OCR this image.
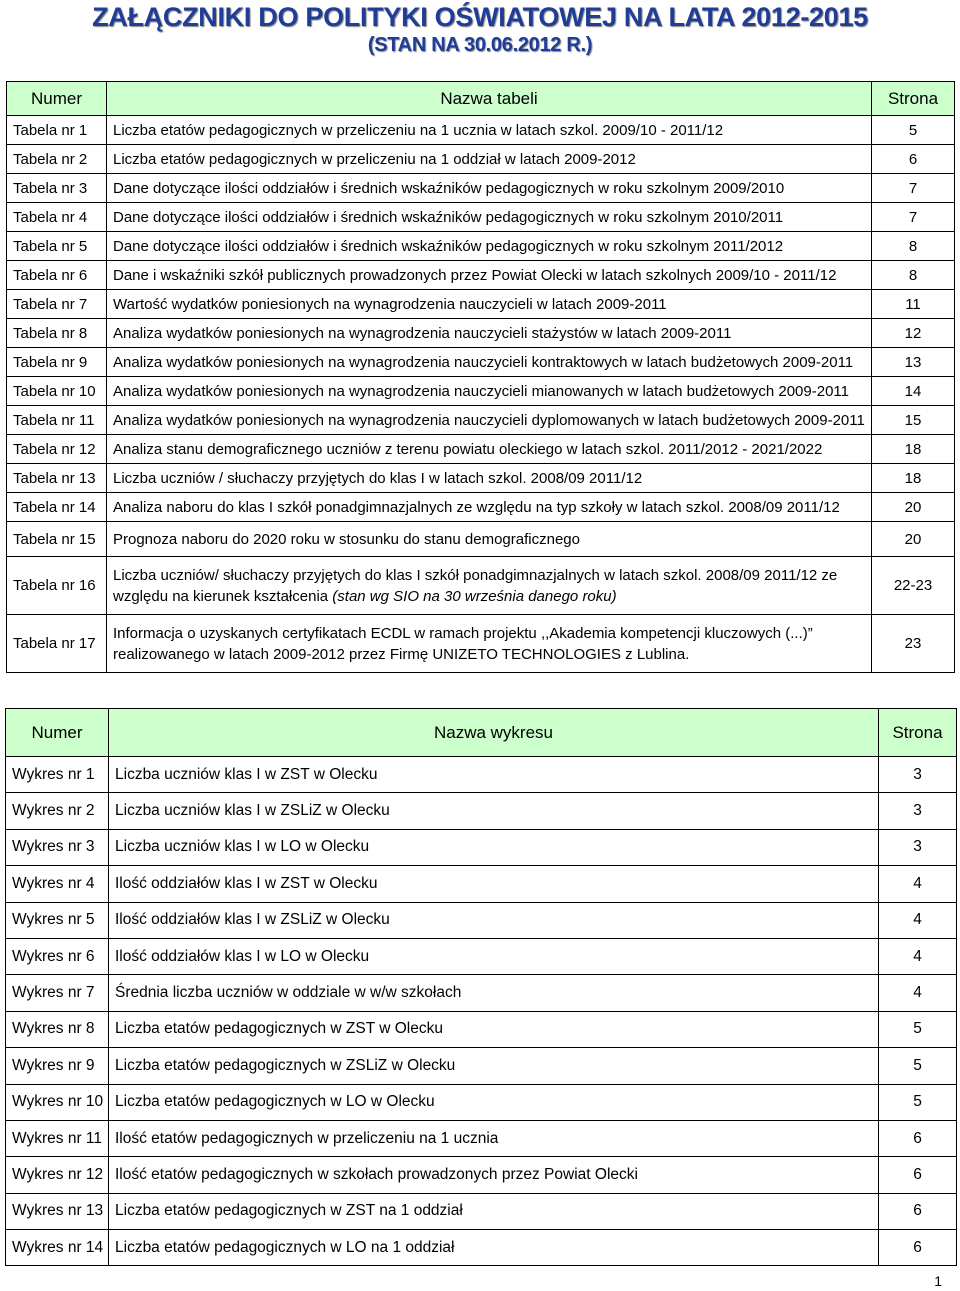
ZAŁĄCZNIKI DO POLITYKI OŚWIATOWEJ NA LATA 2012-2015
(STAN NA 30.06.2012 R.)
Numer	Nazwa tabeli	Strona
Tabela nr 1	Liczba etatów pedagogicznych w przeliczeniu na 1 ucznia w latach szkol. 2009/10 - 2011/12	5
Tabela nr 2	Liczba etatów pedagogicznych w przeliczeniu na 1 oddział w latach 2009-2012	6
Tabela nr 3	Dane dotyczące ilości oddziałów i średnich wskaźników pedagogicznych w roku szkolnym 2009/2010	7
Tabela nr 4	Dane dotyczące ilości oddziałów i średnich wskaźników pedagogicznych w roku szkolnym 2010/2011	7
Tabela nr 5	Dane dotyczące ilości oddziałów i średnich wskaźników pedagogicznych w roku szkolnym 2011/2012	8
Tabela nr 6	Dane i wskaźniki szkół publicznych prowadzonych przez Powiat Olecki w latach szkolnych 2009/10 - 2011/12	8
Tabela nr 7	Wartość wydatków poniesionych na wynagrodzenia nauczycieli w latach 2009-2011	11
Tabela nr 8	Analiza wydatków poniesionych na wynagrodzenia nauczycieli stażystów w latach 2009-2011	12
Tabela nr 9	Analiza wydatków poniesionych na wynagrodzenia nauczycieli kontraktowych w latach budżetowych 2009-2011	13
Tabela nr 10	Analiza wydatków poniesionych na wynagrodzenia nauczycieli mianowanych w latach budżetowych 2009-2011	14
Tabela nr 11	Analiza wydatków poniesionych na wynagrodzenia nauczycieli dyplomowanych w latach budżetowych 2009-2011	15
Tabela nr 12	Analiza stanu demograficznego uczniów z terenu powiatu oleckiego w latach szkol. 2011/2012 - 2021/2022	18
Tabela nr 13	Liczba uczniów / słuchaczy przyjętych do klas I w latach szkol. 2008/09 2011/12	18
Tabela nr 14	Analiza naboru do klas I szkół ponadgimnazjalnych ze względu na typ szkoły w latach szkol. 2008/09 2011/12	20
Tabela nr 15	Prognoza naboru do 2020 roku w stosunku do stanu demograficznego	20
Tabela nr 16	Liczba uczniów/ słuchaczy przyjętych do klas I szkół ponadgimnazjalnych w latach szkol. 2008/09 2011/12 ze względu na kierunek kształcenia (stan wg SIO na 30 września danego roku)	22-23
Tabela nr 17	Informacja o uzyskanych certyfikatach ECDL w ramach projektu ,,Akademia kompetencji kluczowych (...)” realizowanego w latach 2009-2012 przez Firmę UNIZETO TECHNOLOGIES z Lublina.	23
Numer	Nazwa wykresu	Strona
Wykres nr 1	Liczba uczniów klas I w ZST w Olecku	3
Wykres nr 2	Liczba uczniów klas I w ZSLiZ w Olecku	3
Wykres nr 3	Liczba uczniów klas I w LO w Olecku	3
Wykres nr 4	Ilość oddziałów klas I w ZST w Olecku	4
Wykres nr 5	Ilość oddziałów klas I w ZSLiZ w Olecku	4
Wykres nr 6	Ilość oddziałów klas I w LO w Olecku	4
Wykres nr 7	Średnia liczba uczniów w oddziale w w/w szkołach	4
Wykres nr 8	Liczba etatów pedagogicznych w ZST w Olecku	5
Wykres nr 9	Liczba etatów pedagogicznych w ZSLiZ w Olecku	5
Wykres nr 10	Liczba etatów pedagogicznych w LO w Olecku	5
Wykres nr 11	Ilość etatów pedagogicznych w przeliczeniu na 1 ucznia	6
Wykres nr 12	Ilość etatów pedagogicznych w szkołach prowadzonych przez Powiat Olecki	6
Wykres nr 13	Liczba etatów pedagogicznych w ZST na 1 oddział	6
Wykres nr 14	Liczba etatów pedagogicznych w LO na 1 oddział	6
1
